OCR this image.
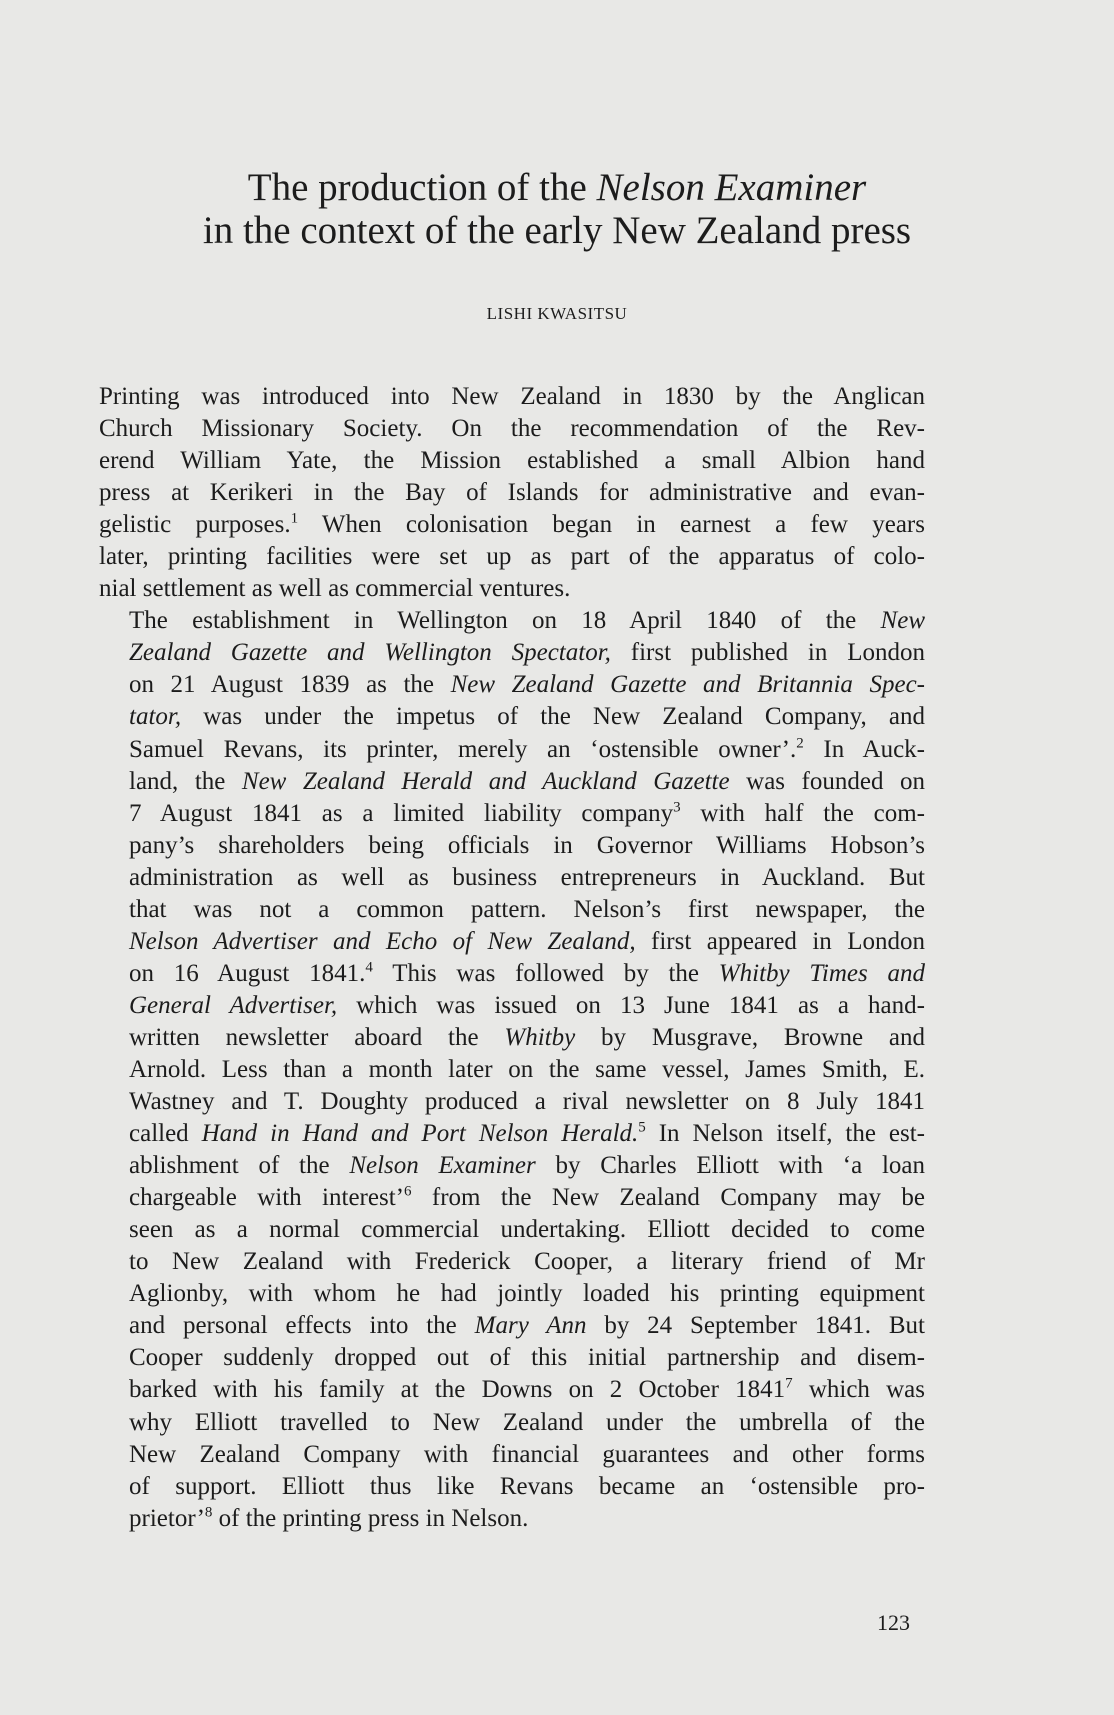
The production of the Nelson Examiner
in the context of the early New Zealand press
LISHI KWASITSU

Printing was introduced into New Zealand in 1830 by the Anglican
Church Missionary Society. On the recommendation of the Rev-
erend William Yate, the Mission established a small Albion hand
press at Kerikeri in the Bay of Islands for administrative and evan-
gelistic purposes.$^1$ When colonisation began in earnest a few years
later, printing facilities were set up as part of the apparatus of colo-
nial settlement as well as commercial ventures.

The establishment in Wellington on 18 April 1840 of the New
Zealand Gazette and Wellington Spectator, first published in London
on 21 August 1839 as the New Zealand Gazette and Britannia Spec-
tator, was under the impetus of the New Zealand Company, and
Samuel Revans, its printer, merely an ‘ostensible owner’.$^2$ In Auck-
land, the New Zealand Herald and Auckland Gazette was founded on
7 August 1841 as a limited liability company$^3$ with half the com-
pany’s shareholders being officials in Governor Williams Hobson’s
administration as well as business entrepreneurs in Auckland. But
that was not a common pattern. Nelson’s first newspaper, the
Nelson Advertiser and Echo of New Zealand, first appeared in London
on 16 August 1841.$^4$ This was followed by the Whitby Times and
General Advertiser, which was issued on 13 June 1841 as a hand-
written newsletter aboard the Whitby by Musgrave, Browne and
Arnold. Less than a month later on the same vessel, James Smith, E.
Wastney and T. Doughty produced a rival newsletter on 8 July 1841
called Hand in Hand and Port Nelson Herald.$^5$ In Nelson itself, the est-
ablishment of the Nelson Examiner by Charles Elliott with ‘a loan
chargeable with interest’$^6$ from the New Zealand Company may be
seen as a normal commercial undertaking. Elliott decided to come
to New Zealand with Frederick Cooper, a literary friend of Mr
Aglionby, with whom he had jointly loaded his printing equipment
and personal effects into the Mary Ann by 24 September 1841. But
Cooper suddenly dropped out of this initial partnership and disem-
barked with his family at the Downs on 2 October 1841$^7$ which was
why Elliott travelled to New Zealand under the umbrella of the
New Zealand Company with financial guarantees and other forms
of support. Elliott thus like Revans became an ‘ostensible pro-
prietor’$^8$ of the printing press in Nelson.

123
